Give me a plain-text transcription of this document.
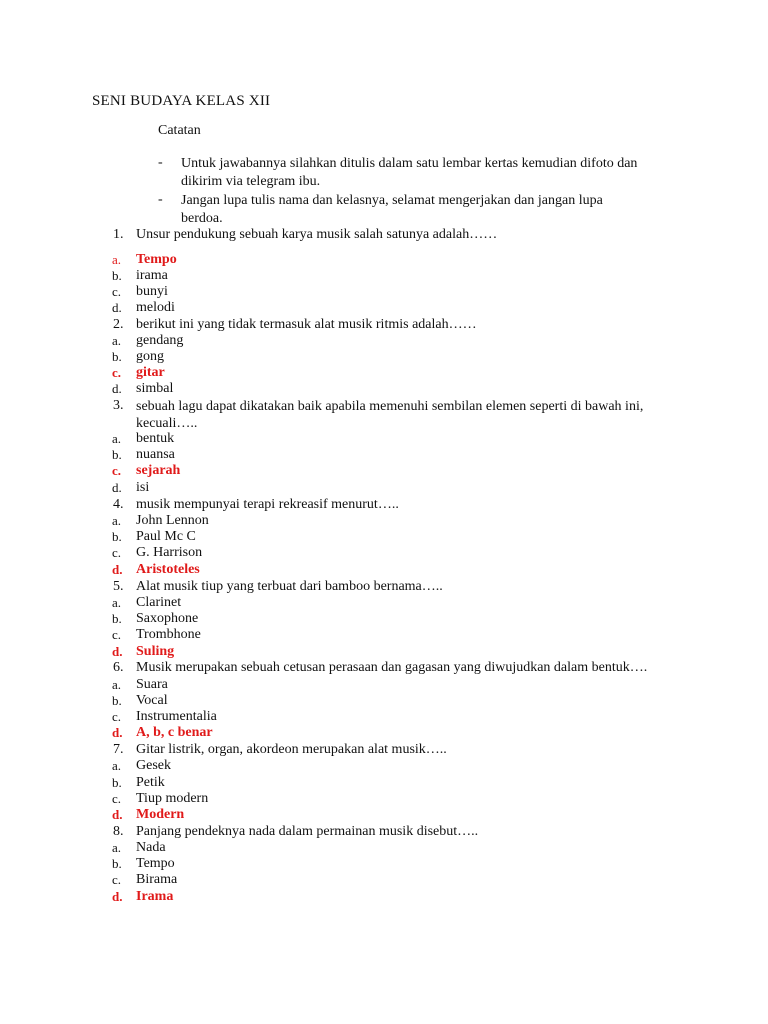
SENI BUDAYA KELAS XII
Catatan
- Untuk jawabannya silahkan ditulis dalam satu lembar kertas kemudian difoto dan
dikirim via telegram ibu.
- Jangan lupa tulis nama dan kelasnya, selamat mengerjakan dan jangan lupa
berdoa.
1. Unsur pendukung sebuah karya musik salah satunya adalah……
a. Tempo
b. irama
c. bunyi
d. melodi
2. berikut ini yang tidak termasuk alat musik ritmis adalah……
a. gendang
b. gong
c. gitar
d. simbal
3. sebuah lagu dapat dikatakan baik apabila memenuhi sembilan elemen seperti di bawah ini,
kecuali…..
a. bentuk
b. nuansa
c. sejarah
d. isi
4. musik mempunyai terapi rekreasif menurut…..
a. John Lennon
b. Paul Mc C
c. G. Harrison
d. Aristoteles
5. Alat musik tiup yang terbuat dari bamboo bernama…..
a. Clarinet
b. Saxophone
c. Trombhone
d. Suling
6. Musik merupakan sebuah cetusan perasaan dan gagasan yang diwujudkan dalam bentuk….
a. Suara
b. Vocal
c. Instrumentalia
d. A, b, c benar
7. Gitar listrik, organ, akordeon merupakan alat musik…..
a. Gesek
b. Petik
c. Tiup modern
d. Modern
8. Panjang pendeknya nada dalam permainan musik disebut…..
a. Nada
b. Tempo
c. Birama
d. Irama
